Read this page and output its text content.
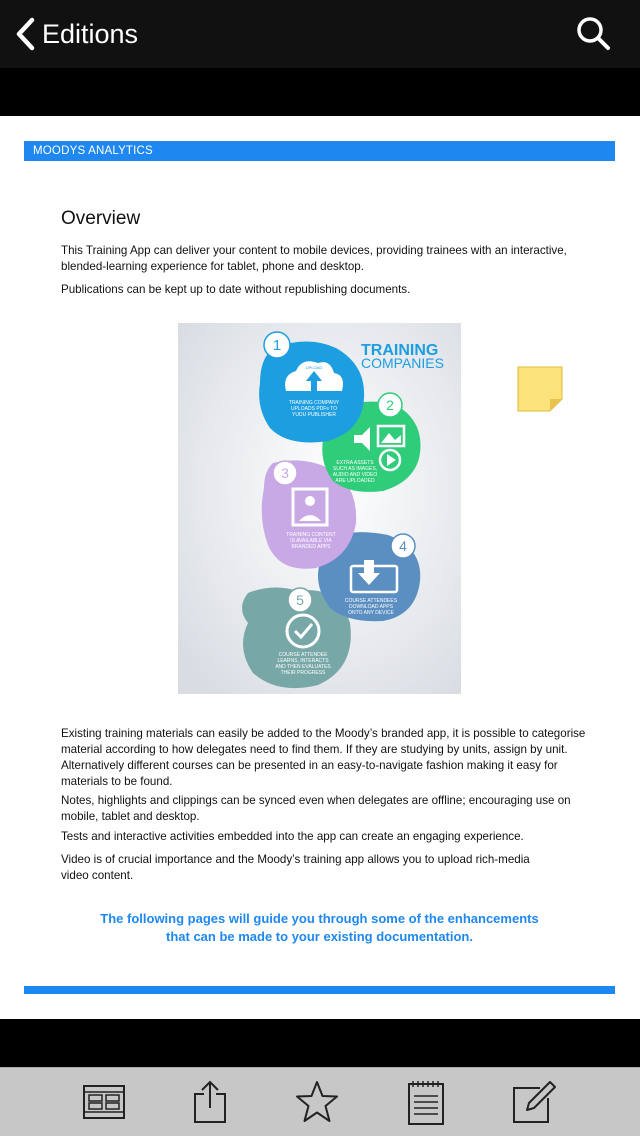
Editions
MOODYS ANALYTICS
Overview

This Training App can deliver your content to mobile devices, providing trainees with an interactive, blended-learning experience for tablet, phone and desktop.

Publications can be kept up to date without republishing documents.

TRAINING
COMPANIES
5
COURSE ATTENDEE
LEARNS, INTERACTS
AND THEN EVALUATES
THEIR PROGRESS
4
COURSE ATTENDEES
DOWNLOAD APPS
ONTO ANY DEVICE
3
TRAINING CONTENT
IS AVAILABLE VIA
BRANDED APPS
2
EXTRA ASSETS
SUCH AS IMAGES,
AUDIO AND VIDEO
ARE UPLOADED
1
UPLOAD
TRAINING COMPANY
UPLOADS PDFs TO
YUDU PUBLISHER

Existing training materials can easily be added to the Moody’s branded app, it is possible to categorise material according to how delegates need to find them. If they are studying by units, assign by unit. Alternatively different courses can be presented in an easy-to-navigate fashion making it easy for materials to be found.

Notes, highlights and clippings can be synced even when delegates are offline; encouraging use on mobile, tablet and desktop.

Tests and interactive activities embedded into the app can create an engaging experience.

Video is of crucial importance and the Moody’s training app allows you to upload rich-media video content.

The following pages will guide you through some of the enhancements
that can be made to your existing documentation.
